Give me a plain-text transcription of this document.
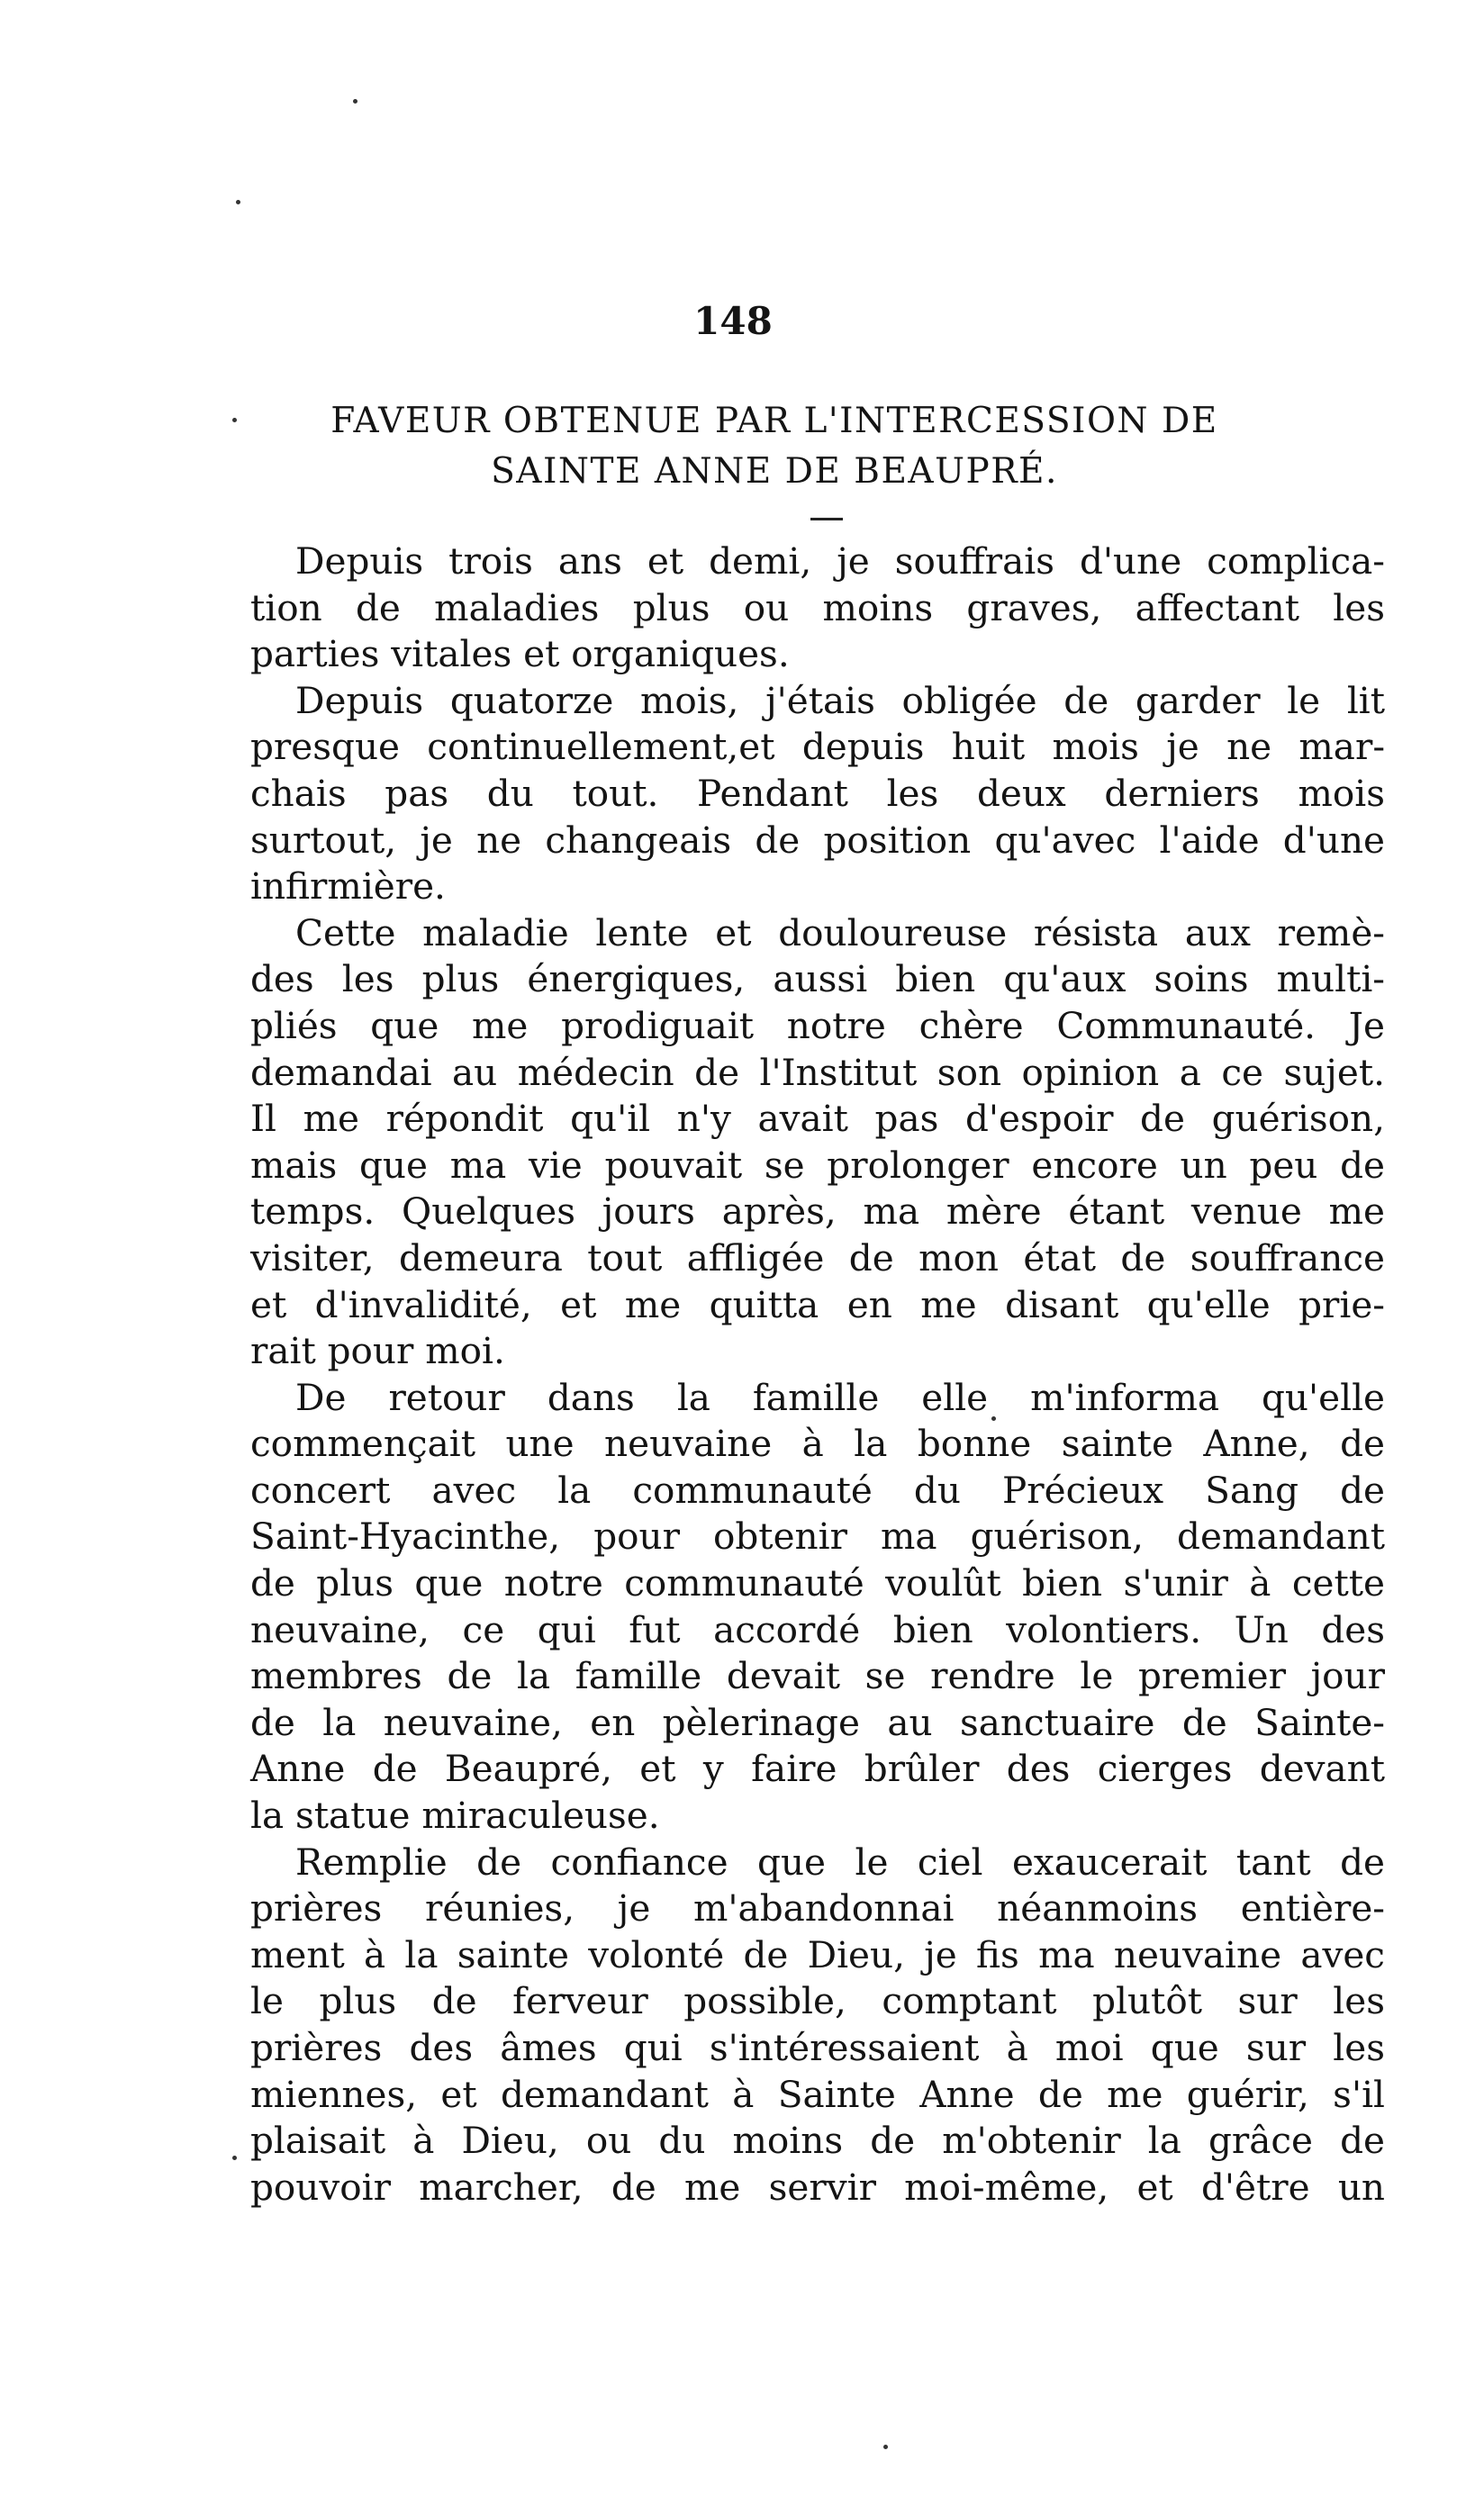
148
FAVEUR OBTENUE PAR L'INTERCESSION DE
SAINTE ANNE DE BEAUPRÉ.
Depuis trois ans et demi, je souffrais d'une complica-
tion de maladies plus ou moins graves, affectant les
parties vitales et organiques.
Depuis quatorze mois, j'étais obligée de garder le lit
presque continuellement,et depuis huit mois je ne mar-
chais pas du tout. Pendant les deux derniers mois
surtout, je ne changeais de position qu'avec l'aide d'une
infirmière.
Cette maladie lente et douloureuse résista aux remè-
des les plus énergiques, aussi bien qu'aux soins multi-
pliés que me prodiguait notre chère Communauté. Je
demandai au médecin de l'Institut son opinion a ce sujet.
Il me répondit qu'il n'y avait pas d'espoir de guérison,
mais que ma vie pouvait se prolonger encore un peu de
temps. Quelques jours après, ma mère étant venue me
visiter, demeura tout affligée de mon état de souffrance
et d'invalidité, et me quitta en me disant qu'elle prie-
rait pour moi.
De retour dans la famille elle m'informa qu'elle
commençait une neuvaine à la bonne sainte Anne, de
concert avec la communauté du Précieux Sang de
Saint-Hyacinthe, pour obtenir ma guérison, demandant
de plus que notre communauté voulût bien s'unir à cette
neuvaine, ce qui fut accordé bien volontiers. Un des
membres de la famille devait se rendre le premier jour
de la neuvaine, en pèlerinage au sanctuaire de Sainte-
Anne de Beaupré, et y faire brûler des cierges devant
la statue miraculeuse.
Remplie de confiance que le ciel exaucerait tant de
prières réunies, je m'abandonnai néanmoins entière-
ment à la sainte volonté de Dieu, je fis ma neuvaine avec
le plus de ferveur possible, comptant plutôt sur les
prières des âmes qui s'intéressaient à moi que sur les
miennes, et demandant à Sainte Anne de me guérir, s'il
plaisait à Dieu, ou du moins de m'obtenir la grâce de
pouvoir marcher, de me servir moi-même, et d'être un
